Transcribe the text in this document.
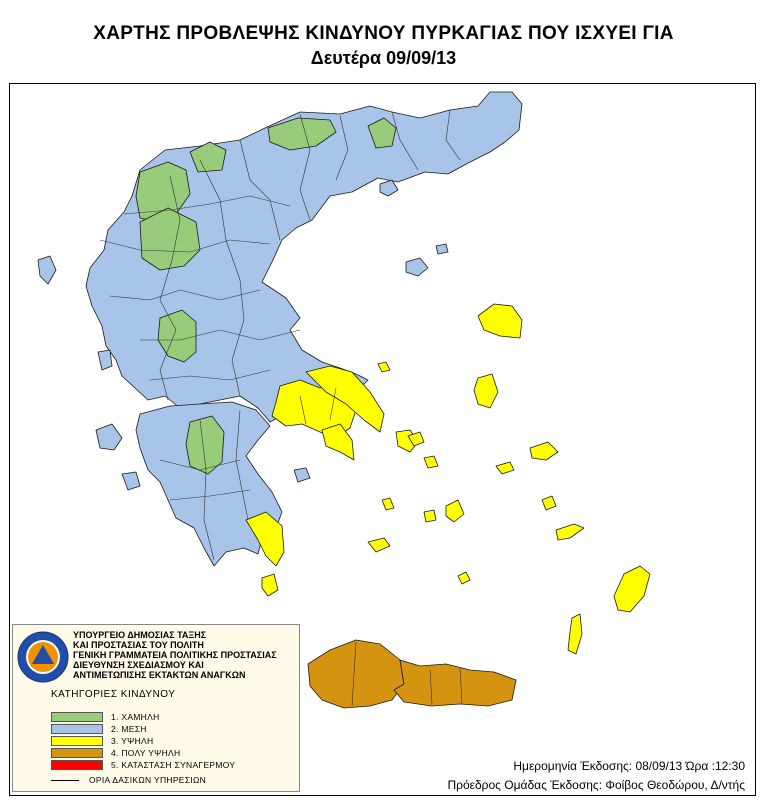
ΧΑΡΤΗΣ ΠΡΟΒΛΕΨΗΣ ΚΙΝΔΥΝΟΥ ΠΥΡΚΑΓΙΑΣ ΠΟΥ ΙΣΧΥΕΙ ΓΙΑ
Δευτέρα 09/09/13
ΥΠΟΥΡΓΕΙΟ ΔΗΜΟΣΙΑΣ ΤΑΞΗΣ
ΚΑΙ ΠΡΟΣΤΑΣΙΑΣ ΤΟΥ ΠΟΛΙΤΗ
ΓΕΝΙΚΗ ΓΡΑΜΜΑΤΕΙΑ ΠΟΛΙΤΙΚΗΣ ΠΡΟΣΤΑΣΙΑΣ
ΔΙΕΥΘΥΝΣΗ ΣΧΕΔΙΑΣΜΟΥ ΚΑΙ
ΑΝΤΙΜΕΤΩΠΙΣΗΣ ΕΚΤΑΚΤΩΝ ΑΝΑΓΚΩΝ
ΚΑΤΗΓΟΡΙΕΣ ΚΙΝΔΥΝΟΥ
1. ΧΑΜΗΛΗ
2. ΜΕΣΗ
3. ΥΨΗΛΗ
4. ΠΟΛΥ ΥΨΗΛΗ
5. ΚΑΤΑΣΤΑΣΗ ΣΥΝΑΓΕΡΜΟΥ
ΟΡΙΑ ΔΑΣΙΚΩΝ ΥΠΗΡΕΣΙΩΝ
Ημερομηνία Έκδοσης: 08/09/13 Ώρα :12:30
Πρόεδρος Ομάδας Έκδοσης: Φοίβος Θεοδώρου, Δ/ντής
